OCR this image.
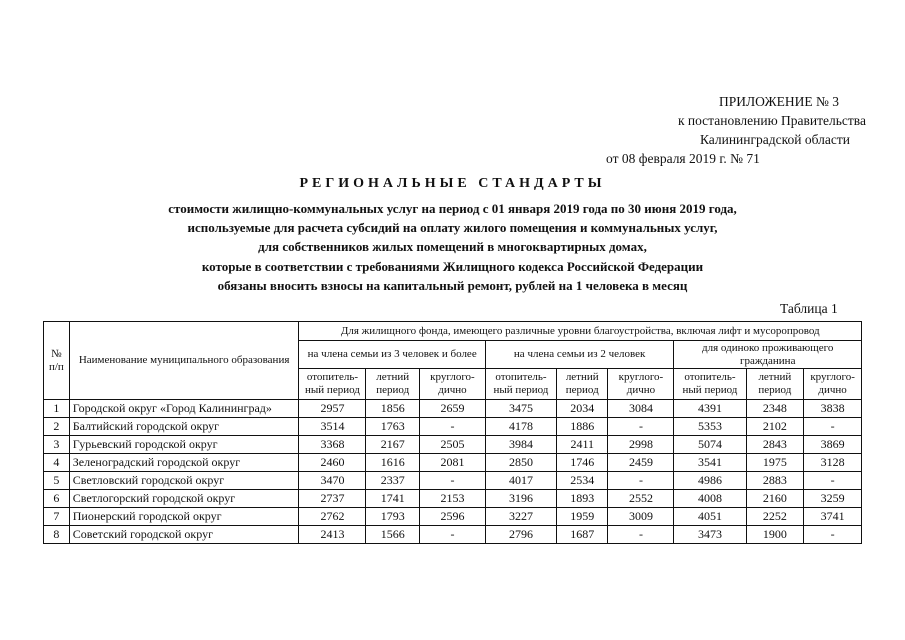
ПРИЛОЖЕНИЕ № 3
к постановлению Правительства
Калининградской области
от 08 февраля 2019 г. № 71
РЕГИОНАЛЬНЫЕ СТАНДАРТЫ
стоимости жилищно-коммунальных услуг на период с 01 января 2019 года по 30 июня 2019 года,
используемые для расчета субсидий на оплату жилого помещения и коммунальных услуг,
для собственников жилых помещений в многоквартирных домах,
которые в соответствии с требованиями Жилищного кодекса Российской Федерации
обязаны вносить взносы на капитальный ремонт, рублей на 1 человека в месяц
Таблица 1
№ п/п	Наименование муниципального образования	Для жилищного фонда, имеющего различные уровни благоустройства, включая лифт и мусоропровод								
		на члена семьи из 3 человек и более			на члена семьи из 2 человек			для одиноко проживающего гражданина		
		отопитель-ный период	летний период	круглого-дично	отопитель-ный период	летний период	круглого-дично	отопитель-ный период	летний период	круглого-дично
1	Городской округ «Город Калининград»	2957	1856	2659	3475	2034	3084	4391	2348	3838
2	Балтийский городской округ	3514	1763	-	4178	1886	-	5353	2102	-
3	Гурьевский городской округ	3368	2167	2505	3984	2411	2998	5074	2843	3869
4	Зеленоградский городской округ	2460	1616	2081	2850	1746	2459	3541	1975	3128
5	Светловский городской округ	3470	2337	-	4017	2534	-	4986	2883	-
6	Светлогорский городской округ	2737	1741	2153	3196	1893	2552	4008	2160	3259
7	Пионерский городской округ	2762	1793	2596	3227	1959	3009	4051	2252	3741
8	Советский городской округ	2413	1566	-	2796	1687	-	3473	1900	-
